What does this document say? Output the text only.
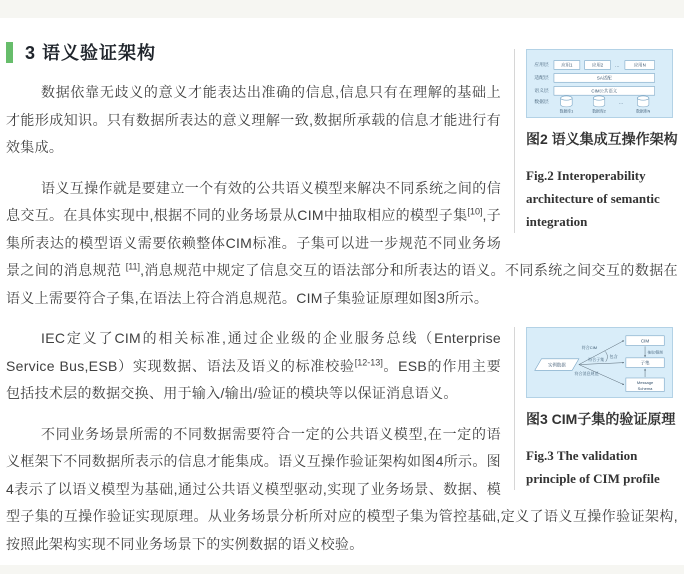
应用层
适配层
语义层
数据层
应用1	应用2 …	应用N
SA适配
CIM公共语义
…
数据库1	数据库2	数据库N

图2 语义集成互操作架构

Fig.2 Interoperability architecture of semantic integration

3 语义验证架构

数据依靠无歧义的意义才能表达出准确的信息,信息只有在理解的基础上才能形成知识。只有数据所表达的意义理解一致,数据所承载的信息才能进行有效集成。

语义互操作就是要建立一个有效的公共语义模型来解决不同系统之间的信息交互。在具体实现中,根据不同的业务场景从CIM中抽取相应的模型子集[10],子集所表达的模型语义需要依赖整体CIM标准。子集可以进一步规范不同业务场景之间的消息规范 [11],消息规范中规定了信息交互的语法部分和所表达的语义。不同系统之间交互的数据在语义上需要符合子集,在语法上符合消息规范。CIM子集验证原理如图3所示。

实例数据
CIM
子集
Message
Schema
符合CIM
包含
符合子集
符合消息规范
抽取/限制

图3 CIM子集的验证原理

Fig.3 The validation principle of CIM profile

IEC定义了CIM的相关标准,通过企业级的企业服务总线（Enterprise Service Bus,ESB）实现数据、语法及语义的标准校验[12-13]。ESB的作用主要包括技术层的数据交换、用于输入/输出/验证的模块等以保证消息语义。

不同业务场景所需的不同数据需要符合一定的公共语义模型,在一定的语义框架下不同数据所表示的信息才能集成。语义互操作验证架构如图4所示。图4表示了以语义模型为基础,通过公共语义模型驱动,实现了业务场景、数据、模型子集的互操作验证实现原理。从业务场景分析所对应的模型子集为管控基础,定义了语义互操作验证架构,按照此架构实现不同业务场景下的实例数据的语义校验。
